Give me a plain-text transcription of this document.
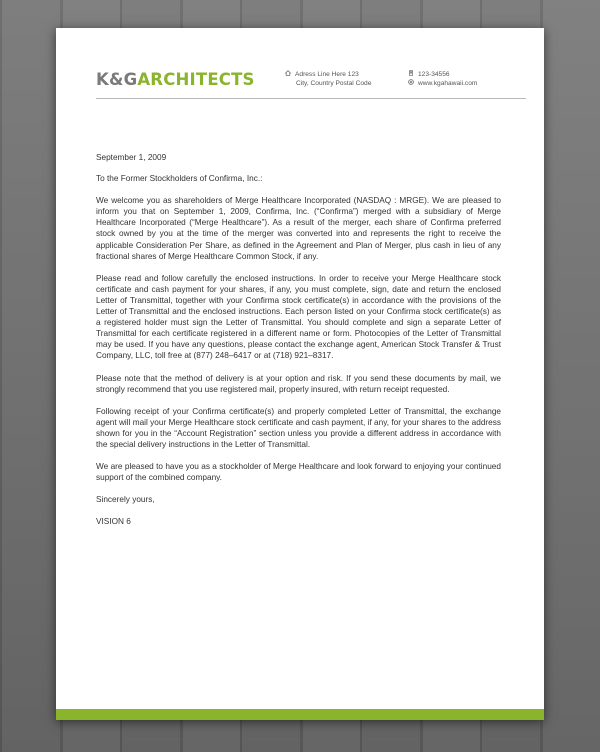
K&GARCHITECTS	Adress Line Here 123
City, Country Postal Code
123-34556
www.kgahawaii.com

September 1, 2009

To the Former Stockholders of Confirma, Inc.:

We welcome you as shareholders of Merge Healthcare Incorporated (NASDAQ : MRGE). We are pleased to inform you that on September 1, 2009, Confirma, Inc. (“Confirma”) merged with a subsidiary of Merge Healthcare Incorporated (“Merge Healthcare”). As a result of the merger, each share of Confirma preferred stock owned by you at the time of the merger was converted into and represents the right to receive the applicable Consideration Per Share, as defined in the Agreement and Plan of Merger, plus cash in lieu of any fractional shares of Merge Healthcare Common Stock, if any.

Please read and follow carefully the enclosed instructions. In order to receive your Merge Healthcare stock certificate and cash payment for your shares, if any, you must complete, sign, date and return the enclosed Letter of Transmittal, together with your Confirma stock certificate(s) in accordance with the provisions of the Letter of Transmittal and the enclosed instructions. Each person listed on your Confirma stock certificate(s) as a registered holder must sign the Letter of Transmittal. You should complete and sign a separate Letter of Transmittal for each certificate registered in a different name or form. Photocopies of the Letter of Transmittal may be used. If you have any questions, please contact the exchange agent, American Stock Transfer & Trust Company, LLC, toll free at (877) 248–6417 or at (718) 921–8317.

Please note that the method of delivery is at your option and risk. If you send these documents by mail, we strongly recommend that you use registered mail, properly insured, with return receipt requested.

Following receipt of your Confirma certificate(s) and properly completed Letter of Transmittal, the exchange agent will mail your Merge Healthcare stock certificate and cash payment, if any, for your shares to the address shown for you in the “Account Registration” section unless you provide a different address in accordance with the special delivery instructions in the Letter of Transmittal.

We are pleased to have you as a stockholder of Merge Healthcare and look forward to enjoying your continued support of the combined company.

Sincerely yours,

VISION 6
